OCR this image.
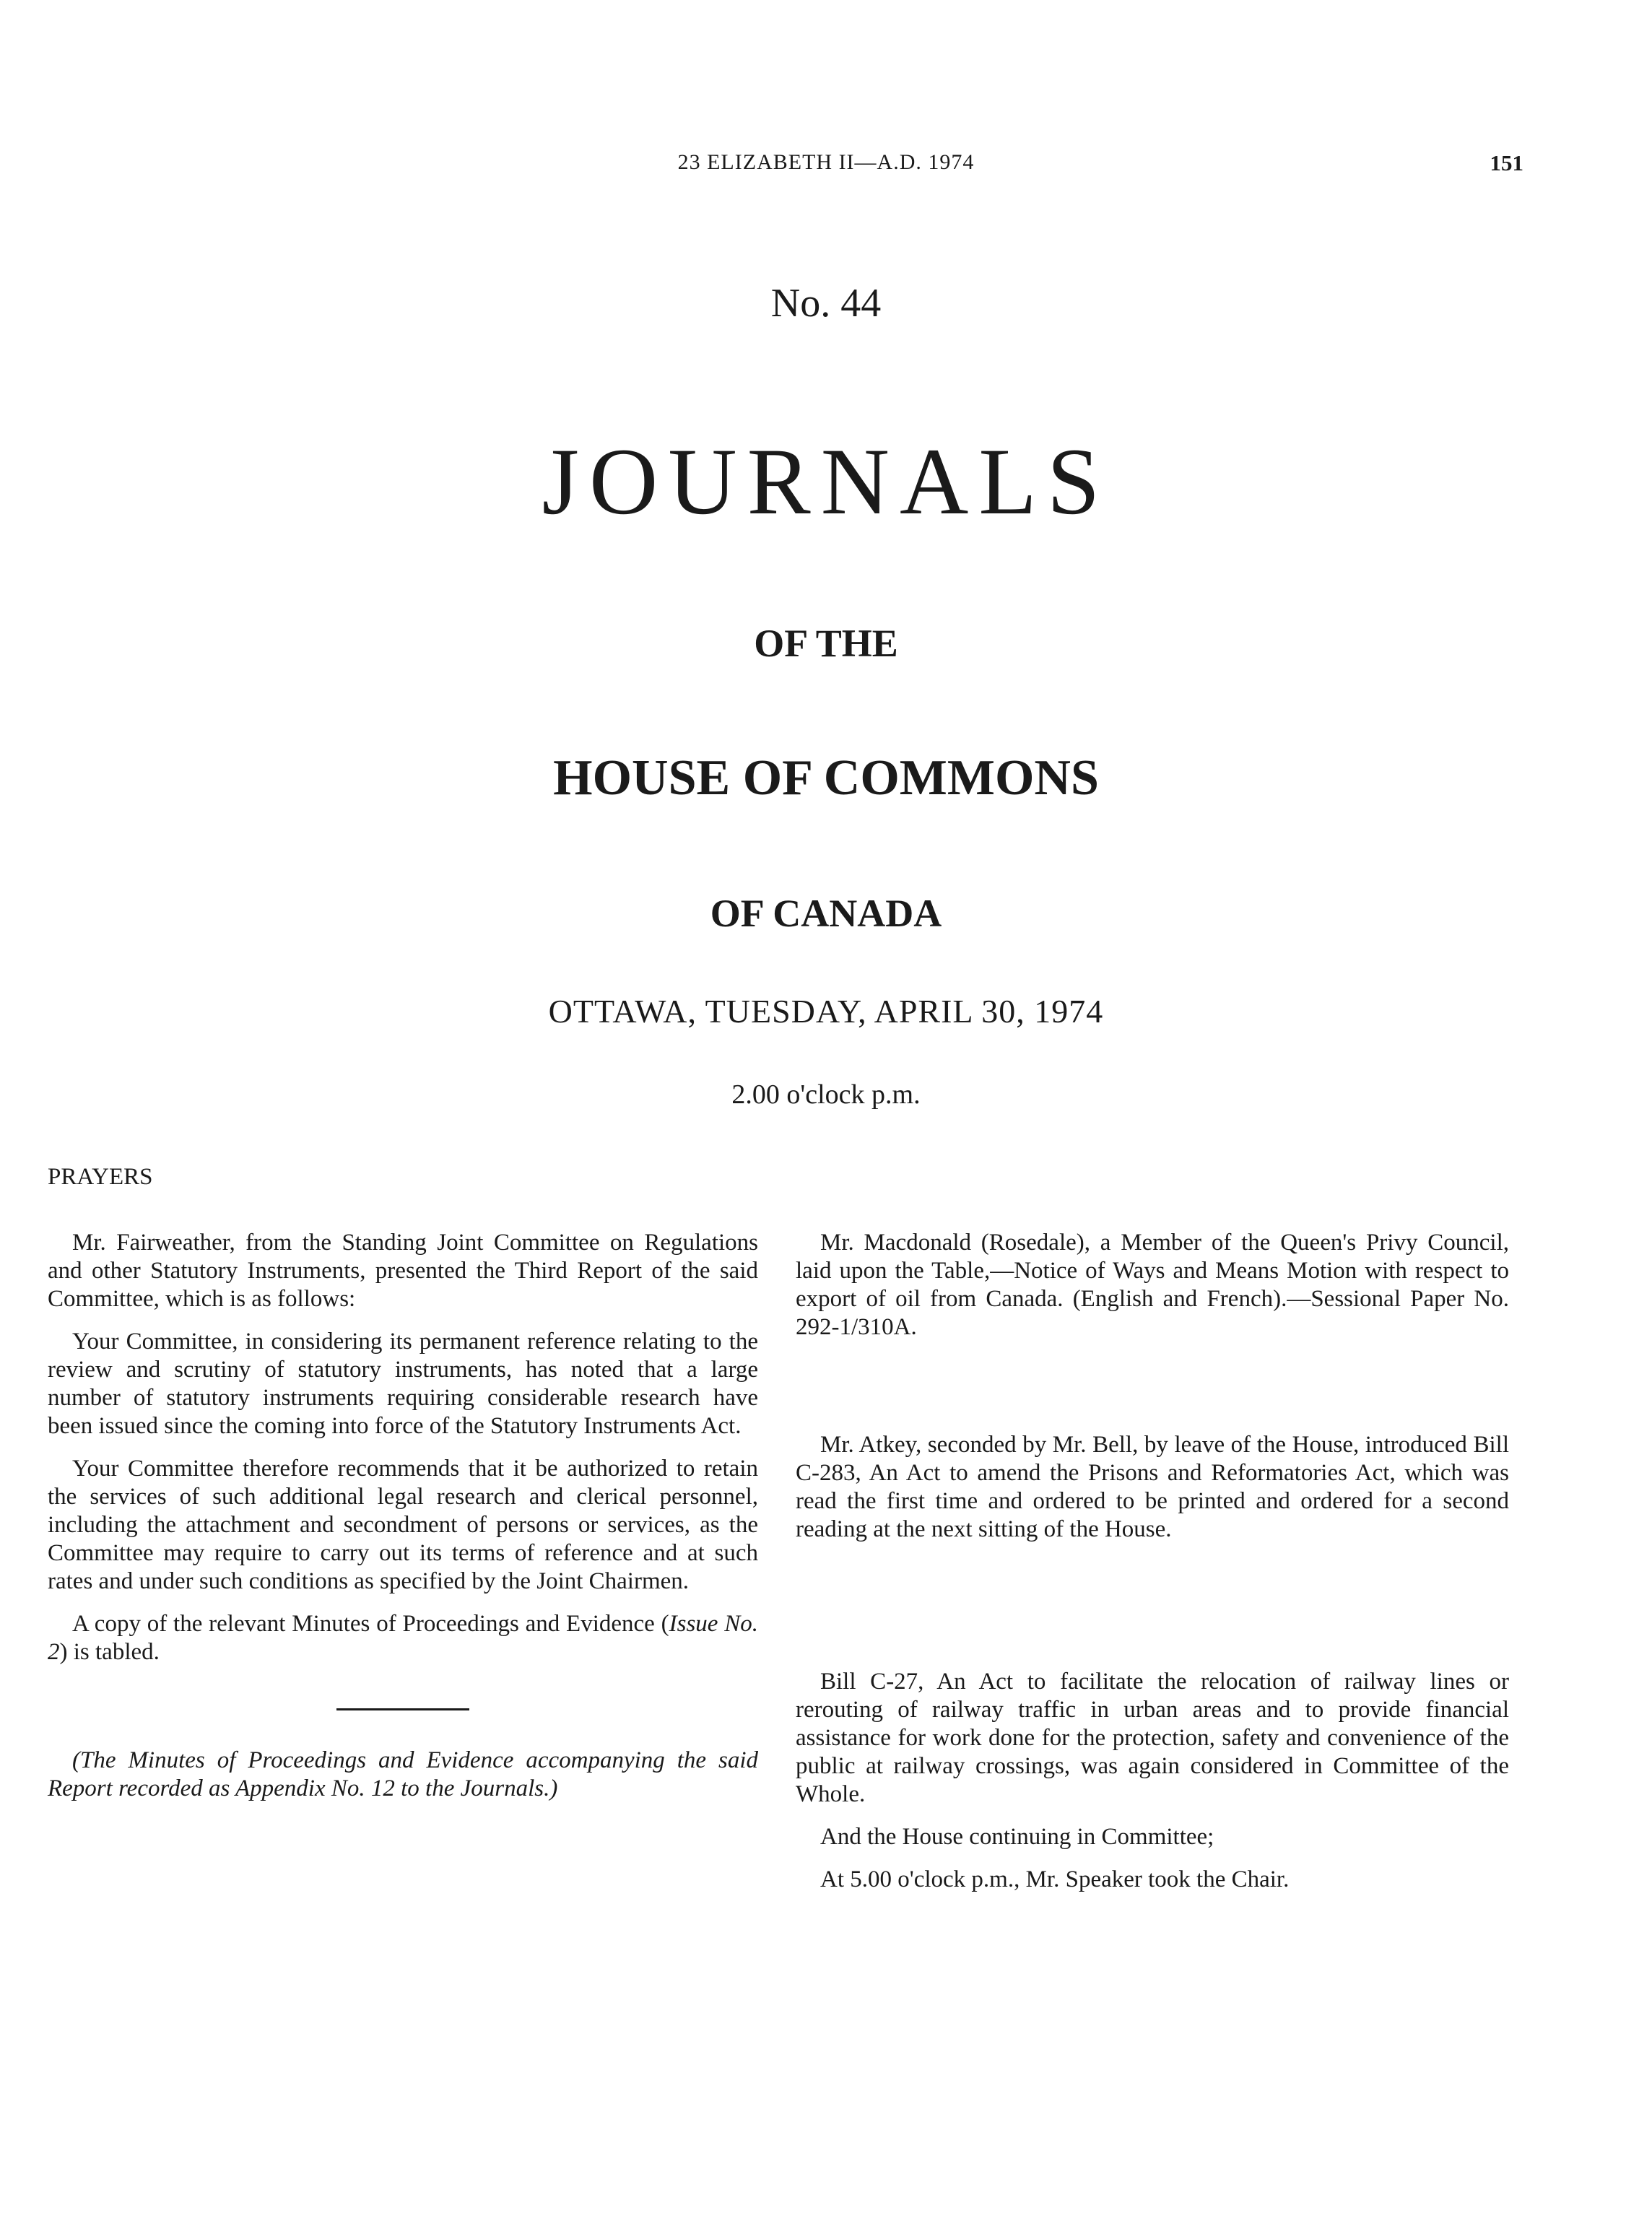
23 ELIZABETH II—A.D. 1974	151
No. 44
JOURNALS
OF THE
HOUSE OF COMMONS
OF CANADA
OTTAWA, TUESDAY, APRIL 30, 1974
2.00 o'clock p.m.
PRAYERS

Mr. Fairweather, from the Standing Joint Committee on Regulations and other Statutory Instruments, presented the Third Report of the said Committee, which is as follows:

Your Committee, in considering its permanent reference relating to the review and scrutiny of statutory instruments, has noted that a large number of statutory instruments requiring considerable research have been issued since the coming into force of the Statutory Instruments Act.

Your Committee therefore recommends that it be authorized to retain the services of such additional legal research and clerical personnel, including the attachment and secondment of persons or services, as the Committee may require to carry out its terms of reference and at such rates and under such conditions as specified by the Joint Chairmen.

A copy of the relevant Minutes of Proceedings and Evidence (Issue No. 2) is tabled.

(The Minutes of Proceedings and Evidence accompanying the said Report recorded as Appendix No. 12 to the Journals.)

Mr. Macdonald (Rosedale), a Member of the Queen's Privy Council, laid upon the Table,—Notice of Ways and Means Motion with respect to export of oil from Canada. (English and French).—Sessional Paper No. 292-1/310A.

Mr. Atkey, seconded by Mr. Bell, by leave of the House, introduced Bill C-283, An Act to amend the Prisons and Reformatories Act, which was read the first time and ordered to be printed and ordered for a second reading at the next sitting of the House.

Bill C-27, An Act to facilitate the relocation of railway lines or rerouting of railway traffic in urban areas and to provide financial assistance for work done for the protection, safety and convenience of the public at railway crossings, was again considered in Committee of the Whole.

And the House continuing in Committee;

At 5.00 o'clock p.m., Mr. Speaker took the Chair.
